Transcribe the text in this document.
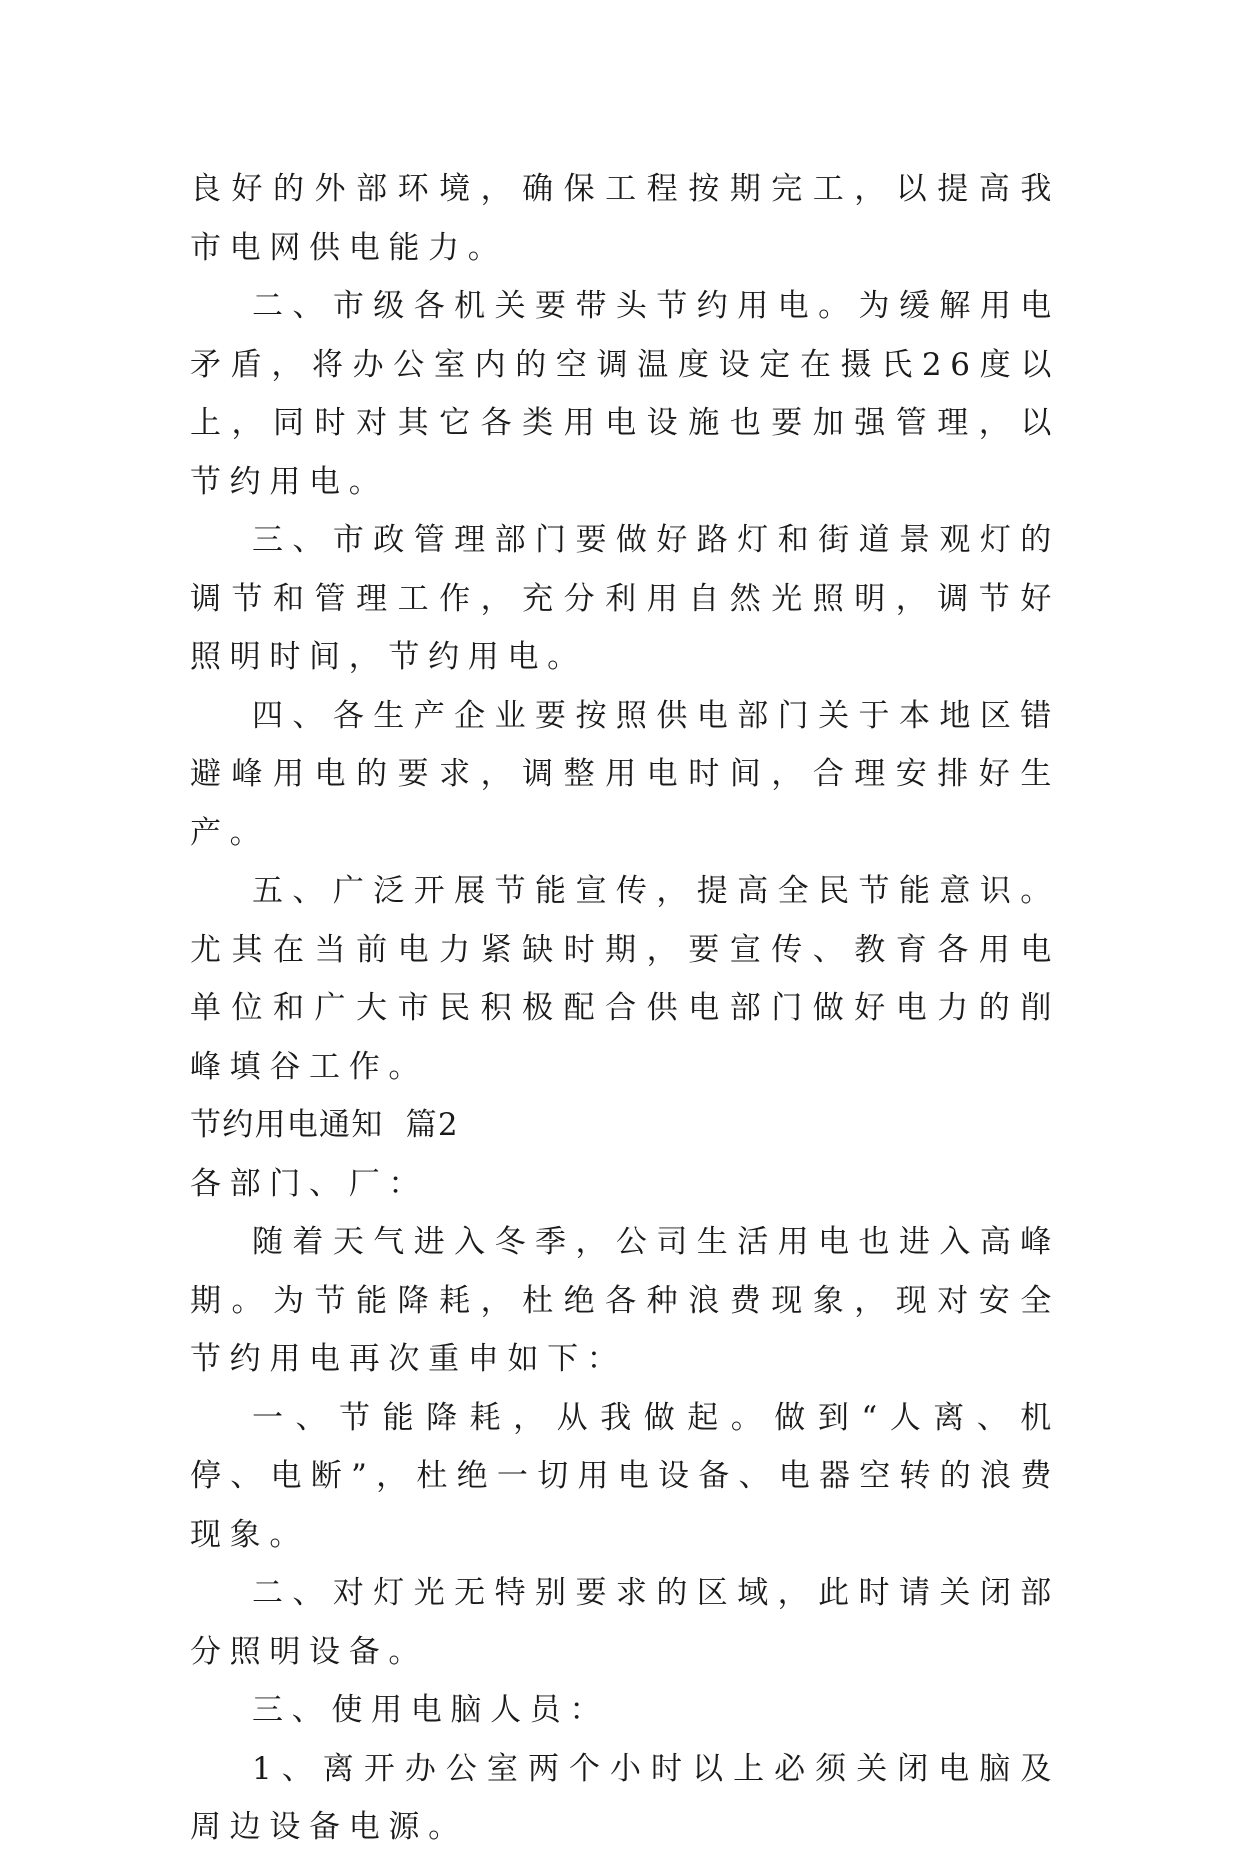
良好的外部环境，确保工程按期完工，以提高我市电网供电能力。

二、市级各机关要带头节约用电。为缓解用电矛盾，将办公室内的空调温度设定在摄氏26度以上，同时对其它各类用电设施也要加强管理，以节约用电。

三、市政管理部门要做好路灯和街道景观灯的调节和管理工作，充分利用自然光照明，调节好照明时间，节约用电。

四、各生产企业要按照供电部门关于本地区错避峰用电的要求，调整用电时间，合理安排好生产。

五、广泛开展节能宣传，提高全民节能意识。尤其在当前电力紧缺时期，要宣传、教育各用电单位和广大市民积极配合供电部门做好电力的削峰填谷工作。

节约用电通知  篇2

各部门、厂：

随着天气进入冬季，公司生活用电也进入高峰期。为节能降耗，杜绝各种浪费现象，现对安全节约用电再次重申如下：

一、节能降耗，从我做起。做到“人离、机停、电断”，杜绝一切用电设备、电器空转的浪费现象。

二、对灯光无特别要求的区域，此时请关闭部分照明设备。

三、使用电脑人员：

1、离开办公室两个小时以上必须关闭电脑及周边设备电源。
